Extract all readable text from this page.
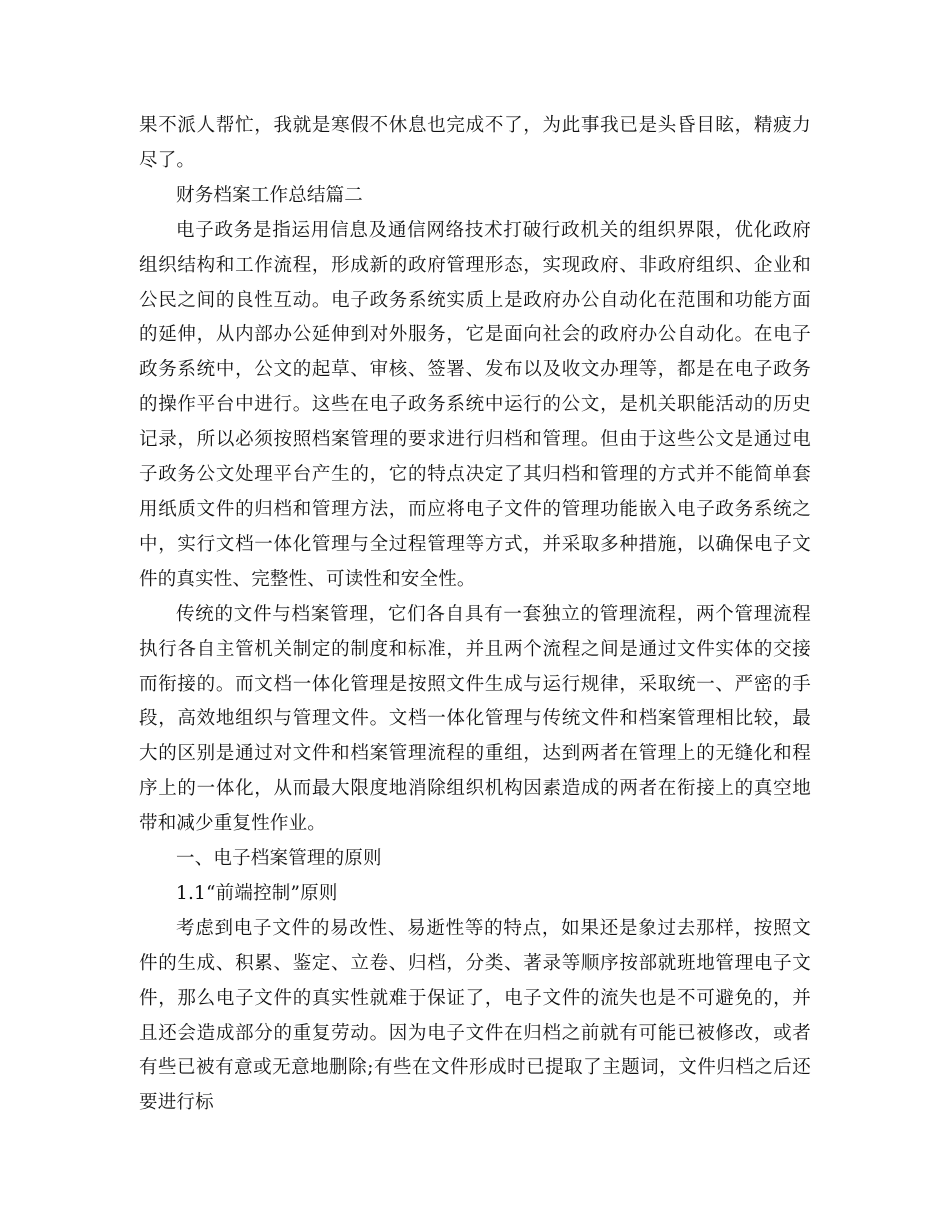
果不派人帮忙，我就是寒假不休息也完成不了，为此事我已是头昏目眩，精疲力尽了。

财务档案工作总结篇二

电子政务是指运用信息及通信网络技术打破行政机关的组织界限，优化政府组织结构和工作流程，形成新的政府管理形态，实现政府、非政府组织、企业和公民之间的良性互动。电子政务系统实质上是政府办公自动化在范围和功能方面的延伸，从内部办公延伸到对外服务，它是面向社会的政府办公自动化。在电子政务系统中，公文的起草、审核、签署、发布以及收文办理等，都是在电子政务的操作平台中进行。这些在电子政务系统中运行的公文，是机关职能活动的历史记录，所以必须按照档案管理的要求进行归档和管理。但由于这些公文是通过电子政务公文处理平台产生的，它的特点决定了其归档和管理的方式并不能简单套用纸质文件的归档和管理方法，而应将电子文件的管理功能嵌入电子政务系统之中，实行文档一体化管理与全过程管理等方式，并采取多种措施，以确保电子文件的真实性、完整性、可读性和安全性。

传统的文件与档案管理，它们各自具有一套独立的管理流程，两个管理流程执行各自主管机关制定的制度和标准，并且两个流程之间是通过文件实体的交接而衔接的。而文档一体化管理是按照文件生成与运行规律，采取统一、严密的手段，高效地组织与管理文件。文档一体化管理与传统文件和档案管理相比较，最大的区别是通过对文件和档案管理流程的重组，达到两者在管理上的无缝化和程序上的一体化，从而最大限度地消除组织机构因素造成的两者在衔接上的真空地带和减少重复性作业。

一、电子档案管理的原则

1.1“前端控制”原则

考虑到电子文件的易改性、易逝性等的特点，如果还是象过去那样，按照文件的生成、积累、鉴定、立卷、归档，分类、著录等顺序按部就班地管理电子文件，那么电子文件的真实性就难于保证了，电子文件的流失也是不可避免的，并且还会造成部分的重复劳动。因为电子文件在归档之前就有可能已被修改，或者有些已被有意或无意地删除;有些在文件形成时已提取了主题词，文件归档之后还要进行标
